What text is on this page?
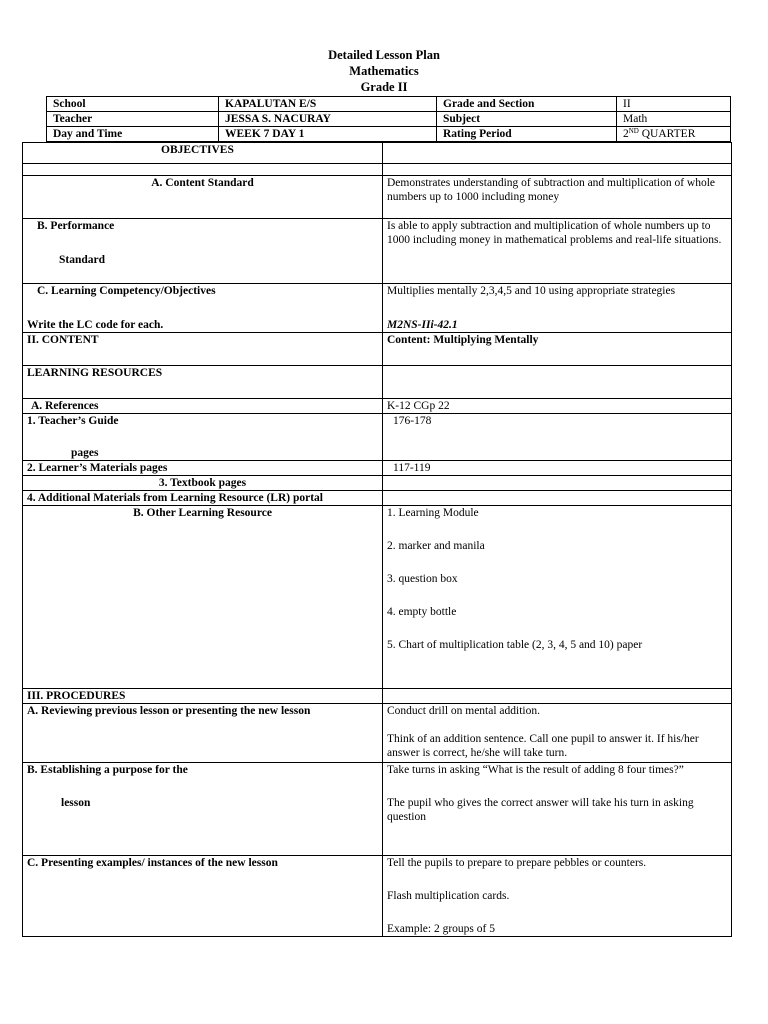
Detailed Lesson Plan
Mathematics
Grade II
School	KAPALUTAN E/S	Grade and Section	II
Teacher	JESSA S. NACURAY	Subject	Math
Day and Time	WEEK 7 DAY 1	Rating Period	2ND QUARTER
OBJECTIVES	

A. Content Standard	Demonstrates understanding of subtraction and multiplication of whole numbers up to 1000 including money

B. Performance
Standard	Is able to apply subtraction and multiplication of whole numbers up to 1000 including money in mathematical problems and real-life situations.

C. Learning Competency/Objectives
Write the LC code for each.	Multiplies mentally 2,3,4,5 and 10 using appropriate strategies
M2NS-IIi-42.1

II. CONTENT	Content: Multiplying Mentally
LEARNING RESOURCES	
A. References	K-12 CGp 22

1. Teacher’s Guide
pages	176-178
2. Learner’s Materials pages	117-119
3. Textbook pages	
4. Additional Materials from Learning Resource (LR) portal	
B. Other Learning Resource	1. Learning Module
2. marker and manila
3. question box
4. empty bottle
5. Chart of multiplication table (2, 3, 4, 5 and 10) paper

III. PROCEDURES	
A. Reviewing previous lesson or presenting the new lesson	Conduct drill on mental addition.
Think of an addition sentence. Call one pupil to answer it. If his/her answer is correct, he/she will take turn.

B. Establishing a purpose for the
lesson	Take turns in asking “What is the result of adding 8 four times?”
The pupil who gives the correct answer will take his turn in asking question

C. Presenting examples/ instances of the new lesson	Tell the pupils to prepare to prepare pebbles or counters.
Flash multiplication cards.
Example: 2 groups of 5
